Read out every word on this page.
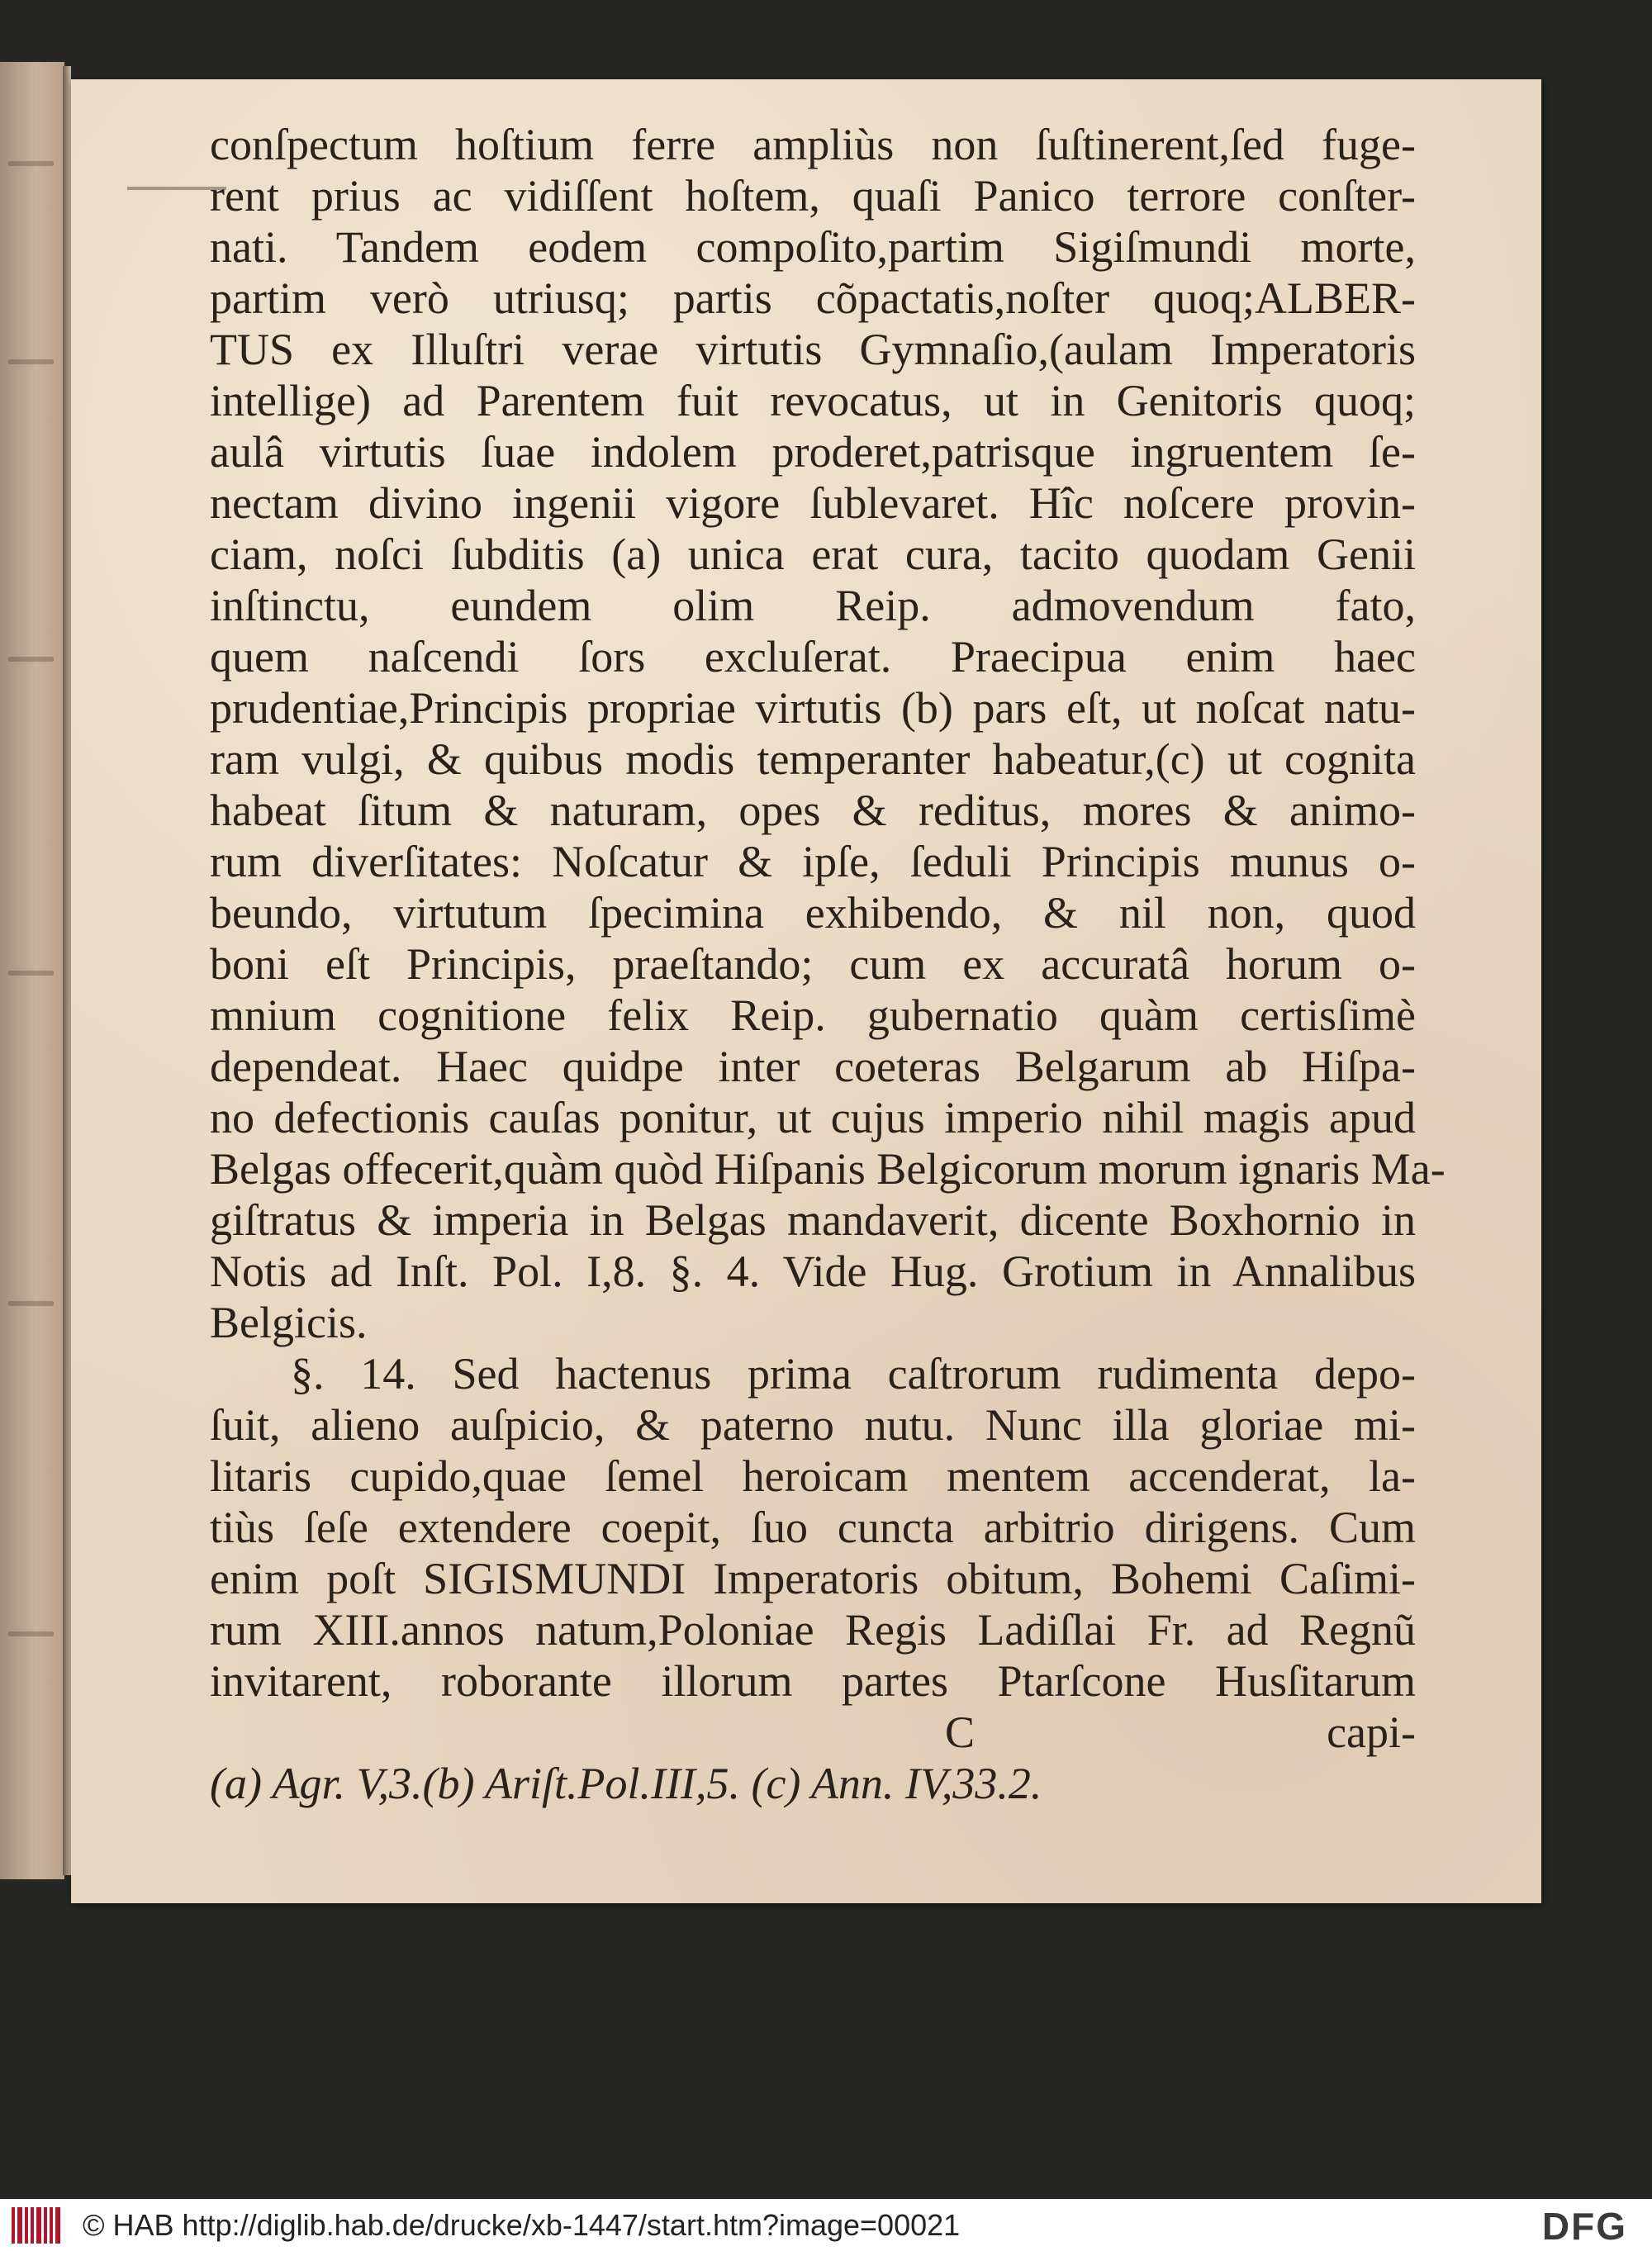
conſpectum hoſtium ferre ampliùs non ſuſtinerent,ſed fuge-
rent prius ac vidiſſent hoſtem, quaſi Panico terrore conſter-
nati. Tandem eodem compoſito,partim Sigiſmundi morte,
partim verò utriusq; partis cõpactatis,noſter quoq;ALBER-
TUS ex Illuſtri verae virtutis Gymnaſio,(aulam Imperatoris
intellige) ad Parentem fuit revocatus, ut in Genitoris quoq;
aulâ virtutis ſuae indolem proderet,patrisque ingruentem ſe-
nectam divino ingenii vigore ſublevaret. Hîc noſcere provin-
ciam, noſci ſubditis (a) unica erat cura, tacito quodam Genii
inſtinctu, eundem olim Reip. admovendum fato,
quem naſcendi ſors excluſerat. Praecipua enim haec
prudentiae,Principis propriae virtutis (b) pars eſt, ut noſcat natu-
ram vulgi, & quibus modis temperanter habeatur,(c) ut cognita
habeat ſitum & naturam, opes & reditus, mores & animo-
rum diverſitates: Noſcatur & ipſe, ſeduli Principis munus o-
beundo, virtutum ſpecimina exhibendo, & nil non, quod
boni eſt Principis, praeſtando; cum ex accuratâ horum o-
mnium cognitione felix Reip. gubernatio quàm certisſimè
dependeat. Haec quidpe inter coeteras Belgarum ab Hiſpa-
no defectionis cauſas ponitur, ut cujus imperio nihil magis apud
Belgas offecerit,quàm quòd Hiſpanis Belgicorum morum ignaris Ma-
giſtratus & imperia in Belgas mandaverit, dicente Boxhornio in
Notis ad Inſt. Pol. I,8. §. 4. Vide Hug. Grotium in Annalibus
Belgicis.
§. 14. Sed hactenus prima caſtrorum rudimenta depo-
ſuit, alieno auſpicio, & paterno nutu. Nunc illa gloriae mi-
litaris cupido,quae ſemel heroicam mentem accenderat, la-
tiùs ſeſe extendere coepit, ſuo cuncta arbitrio dirigens. Cum
enim poſt SIGISMUNDI Imperatoris obitum, Bohemi Caſimi-
rum XIII.annos natum,Poloniae Regis Ladiſlai Fr. ad Regnũ
invitarent, roborante illorum partes Ptarſcone Husſitarum
C	capi-
(a) Agr. V,3.(b) Ariſt.Pol.III,5. (c) Ann. IV,33.2.
© HAB http://diglib.hab.de/drucke/xb-1447/start.htm?image=00021	DFG
